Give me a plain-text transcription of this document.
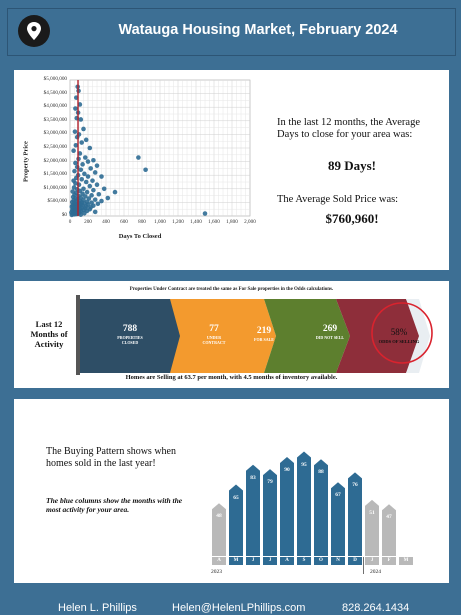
Watauga Housing Market, February 2024
Property Price
Days To Closed
$0
$500,000
$1,000,000
$1,500,000
$2,000,000
$2,500,000
$3,000,000
$3,500,000
$4,000,000
$4,500,000
$5,000,000
0	200	400	600	800	1,000	1,200	1,400	1,600	1,800	2,000
In the last 12 months, the Average Days to close for your area was:
89 Days!
The Average Sold Price was:
$760,960!
Properties Under Contract are treated the same as For Sale properties in the Odds calculations.
Last 12 Months of Activity
788
PROPERTIES CLOSED
77
UNDER CONTRACT
219
FOR SALE
269
DID NOT SELL
58%
ODDS OF SELLING
Homes are Selling at 63.7 per month, with 4.5 months of inventory available.
The Buying Pattern shows when homes sold in the last year!
The blue columns show the months with the most activity for your area.
48
A
65
M
83
J
79
J
90
A
95
S
88
O
67
N
76
D
51
J
47
F	M
2023	2024
Helen L. Phillips	Helen@HelenLPhillips.com	828.264.1434
